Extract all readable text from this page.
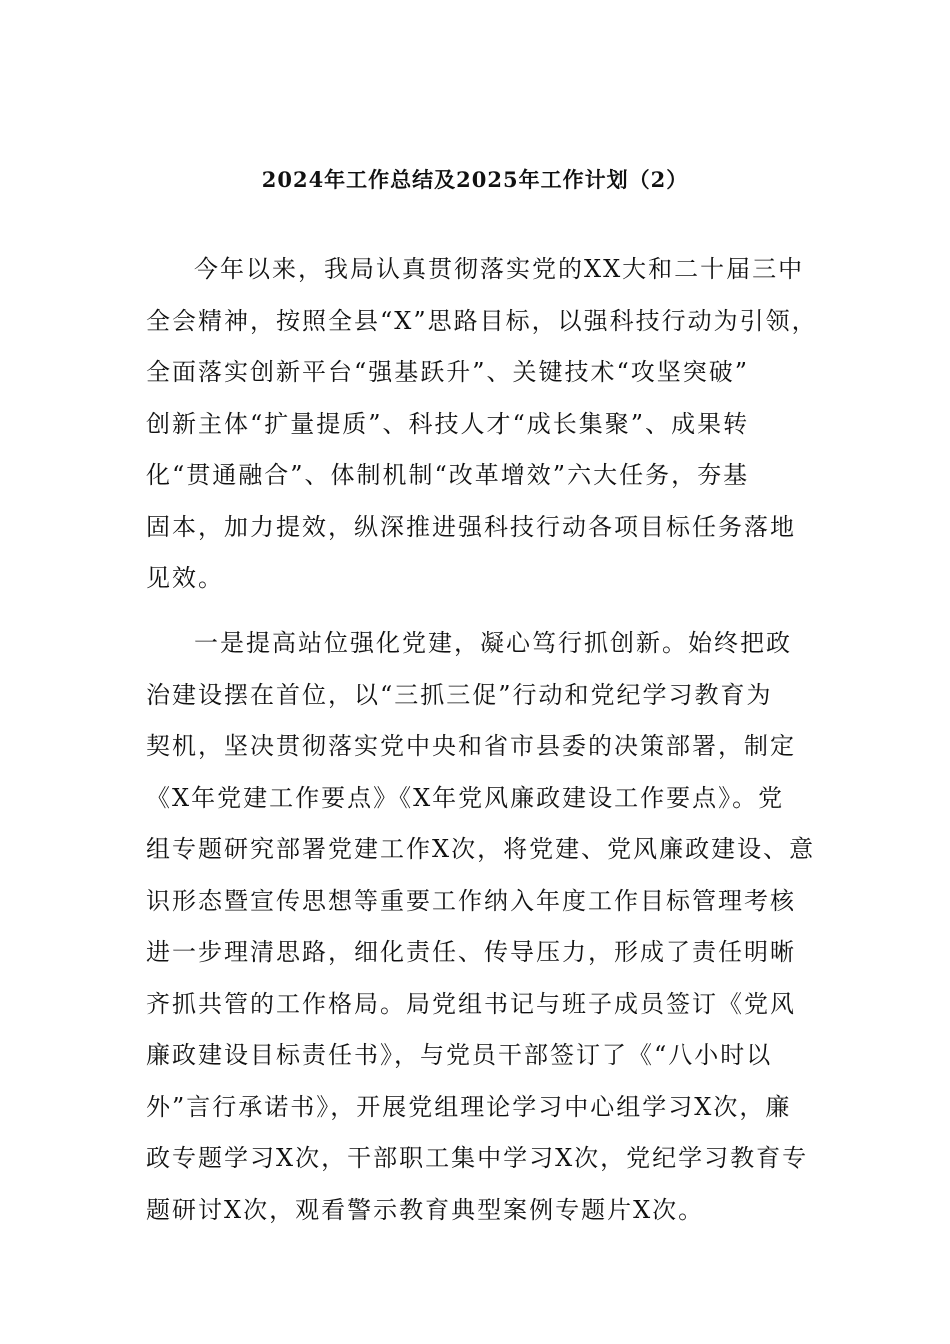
2024年工作总结及2025年工作计划（2）
今年以来，我局认真贯彻落实党的XX大和二十届三中
全会精神，按照全县“X”思路目标，以强科技行动为引领，
全面落实创新平台“强基跃升”、关键技术“攻坚突破”
创新主体“扩量提质”、科技人才“成长集聚”、成果转
化“贯通融合”、体制机制“改革增效”六大任务，夯基
固本，加力提效，纵深推进强科技行动各项目标任务落地
见效。
一是提高站位强化党建，凝心笃行抓创新。始终把政
治建设摆在首位，以“三抓三促”行动和党纪学习教育为
契机，坚决贯彻落实党中央和省市县委的决策部署，制定
《X年党建工作要点》《X年党风廉政建设工作要点》。党
组专题研究部署党建工作X次，将党建、党风廉政建设、意
识形态暨宣传思想等重要工作纳入年度工作目标管理考核
进一步理清思路，细化责任、传导压力，形成了责任明晰
齐抓共管的工作格局。局党组书记与班子成员签订《党风
廉政建设目标责任书》，与党员干部签订了《“八小时以
外”言行承诺书》，开展党组理论学习中心组学习X次，廉
政专题学习X次，干部职工集中学习X次，党纪学习教育专
题研讨X次，观看警示教育典型案例专题片X次。
